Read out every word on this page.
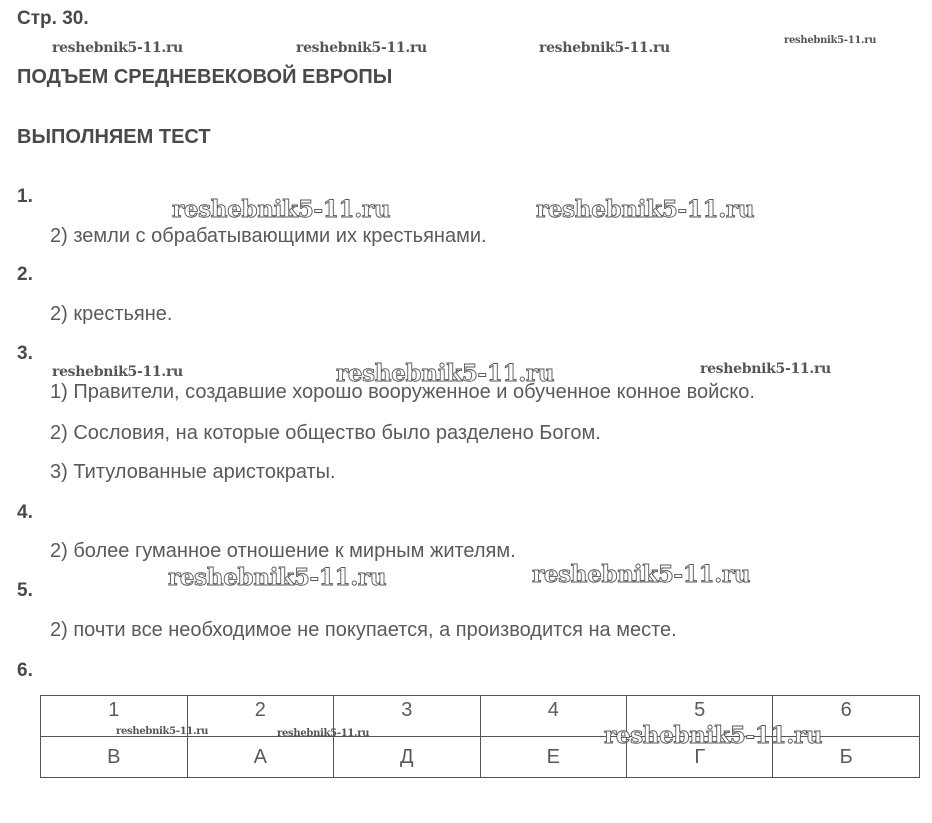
Стр. 30.
reshebnik5-11.ru	reshebnik5-11.ru	reshebnik5-11.ru	reshebnik5-11.ru
ПОДЪЕМ СРЕДНЕВЕКОВОЙ ЕВРОПЫ
ВЫПОЛНЯЕМ ТЕСТ
1.	reshebnik5-11.ru	reshebnik5-11.ru
2) земли с обрабатывающими их крестьянами.
2.
2) крестьяне.
3.
reshebnik5-11.ru	reshebnik5-11.ru	reshebnik5-11.ru
1) Правители, создавшие хорошо вооруженное и обученное конное войско.
2) Сословия, на которые общество было разделено Богом.
3) Титулованные аристократы.
4.
2) более гуманное отношение к мирным жителям.
reshebnik5-11.ru	reshebnik5-11.ru
5.
2) почти все необходимое не покупается, а производится на месте.
6.
1	2	3	4	5	6
В	А	Д	Е	Г	Б
reshebnik5-11.ru	reshebnik5-11.ru	reshebnik5-11.ru
